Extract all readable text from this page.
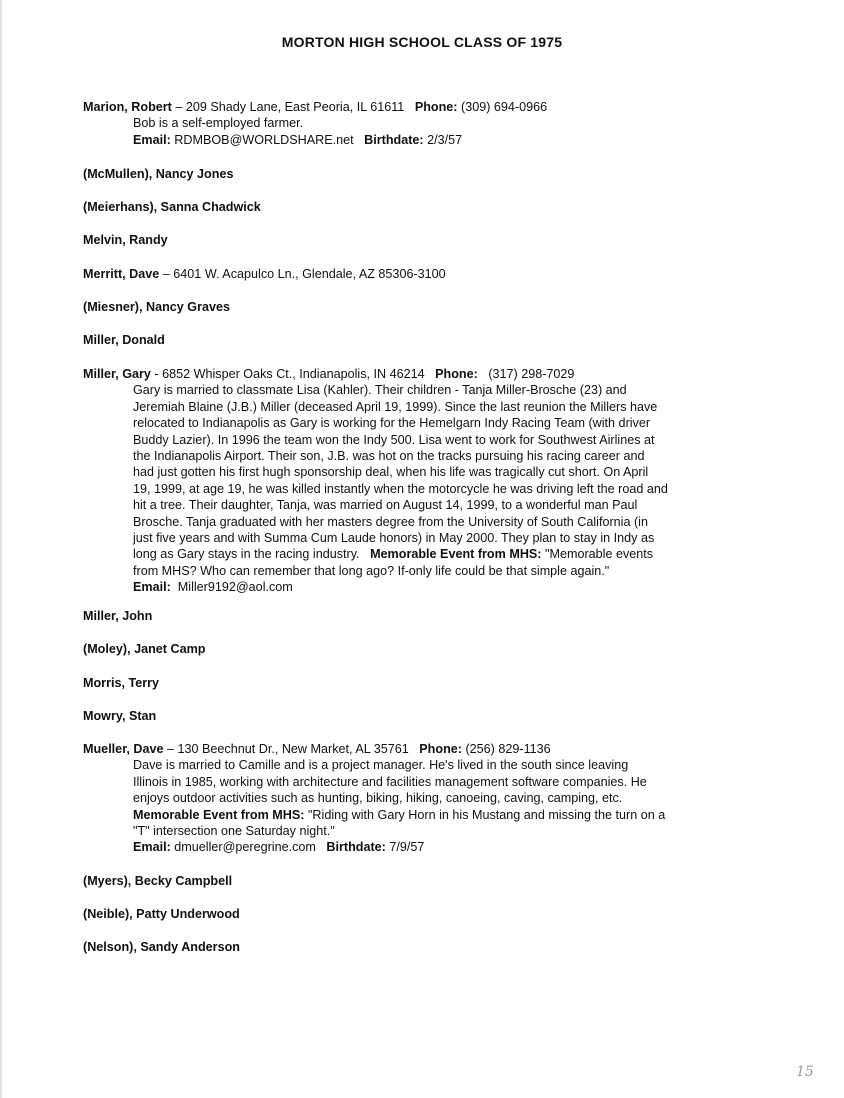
MORTON HIGH SCHOOL CLASS OF 1975
Marion, Robert – 209 Shady Lane, East Peoria, IL 61611 Phone: (309) 694-0966
Bob is a self-employed farmer.
Email: RDMBOB@WORLDSHARE.net Birthdate: 2/3/57
(McMullen), Nancy Jones
(Meierhans), Sanna Chadwick
Melvin, Randy
Merritt, Dave – 6401 W. Acapulco Ln., Glendale, AZ 85306-3100
(Miesner), Nancy Graves
Miller, Donald
Miller, Gary - 6852 Whisper Oaks Ct., Indianapolis, IN 46214 Phone: (317) 298-7029
Gary is married to classmate Lisa (Kahler). Their children - Tanja Miller-Brosche (23) and
Jeremiah Blaine (J.B.) Miller (deceased April 19, 1999). Since the last reunion the Millers have
relocated to Indianapolis as Gary is working for the Hemelgarn Indy Racing Team (with driver
Buddy Lazier). In 1996 the team won the Indy 500. Lisa went to work for Southwest Airlines at
the Indianapolis Airport. Their son, J.B. was hot on the tracks pursuing his racing career and
had just gotten his first hugh sponsorship deal, when his life was tragically cut short. On April
19, 1999, at age 19, he was killed instantly when the motorcycle he was driving left the road and
hit a tree. Their daughter, Tanja, was married on August 14, 1999, to a wonderful man Paul
Brosche. Tanja graduated with her masters degree from the University of South California (in
just five years and with Summa Cum Laude honors) in May 2000. They plan to stay in Indy as
long as Gary stays in the racing industry. Memorable Event from MHS: "Memorable events
from MHS? Who can remember that long ago? If-only life could be that simple again."
Email: Miller9192@aol.com
Miller, John
(Moley), Janet Camp
Morris, Terry
Mowry, Stan
Mueller, Dave – 130 Beechnut Dr., New Market, AL 35761 Phone: (256) 829-1136
Dave is married to Camille and is a project manager. He's lived in the south since leaving
Illinois in 1985, working with architecture and facilities management software companies. He
enjoys outdoor activities such as hunting, biking, hiking, canoeing, caving, camping, etc.
Memorable Event from MHS: "Riding with Gary Horn in his Mustang and missing the turn on a
"T" intersection one Saturday night."
Email: dmueller@peregrine.com Birthdate: 7/9/57
(Myers), Becky Campbell
(Neible), Patty Underwood
(Nelson), Sandy Anderson
15
